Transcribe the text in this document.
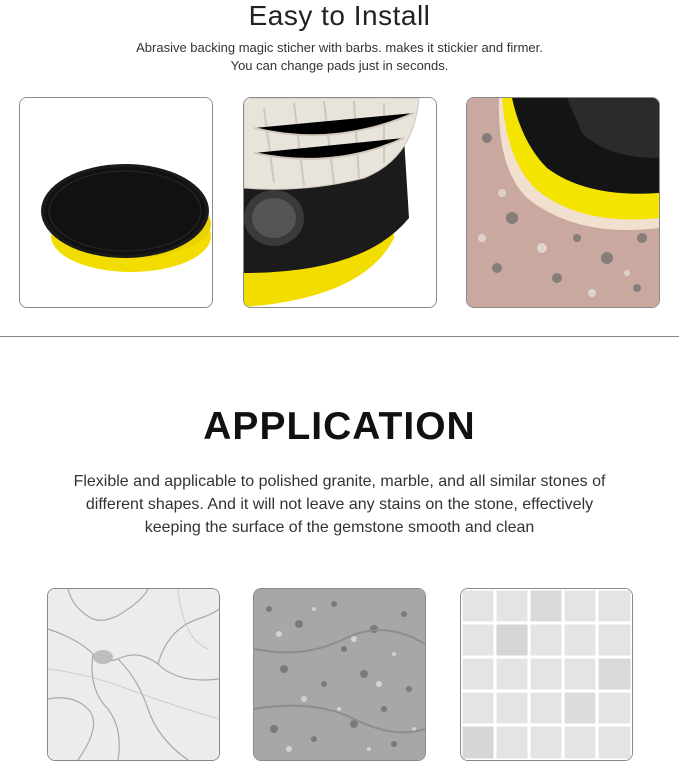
Easy to Install
Abrasive backing magic sticher with barbs. makes it stickier and firmer.
You can change pads just in seconds.
APPLICATION
Flexible and applicable to polished granite, marble, and all similar stones of
different shapes. And it will not leave any stains on the stone, effectively
keeping the surface of the gemstone smooth and clean
